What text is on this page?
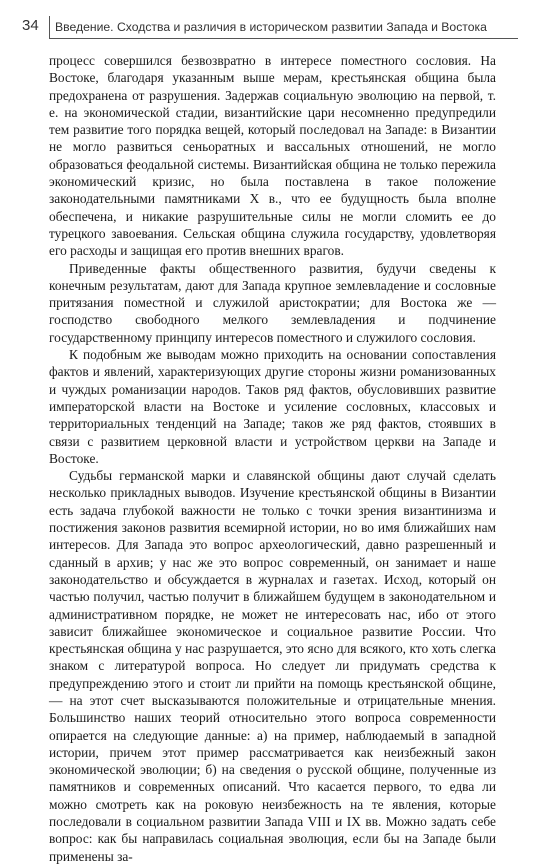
34 Введение. Сходства и различия в историческом развитии Запада и Востока

процесс совершился безвозвратно в интересе поместного сословия. На Востоке, благодаря указанным выше мерам, крестьянская община была предохранена от разрушения. Задержав социальную эволюцию на первой, т. е. на экономической стадии, византийские цари несомненно предупредили тем развитие того порядка вещей, который последовал на Западе: в Византии не могло развиться сеньоратных и вассальных отношений, не могло образоваться феодальной системы. Византийская община не только пережила экономический кризис, но была поставлена в такое положение законодательными памятниками X в., что ее будущность была вполне обеспечена, и никакие разрушительные силы не могли сломить ее до турецкого завоевания. Сельская община служила государству, удовлетворяя его расходы и защищая его против внешних врагов.

Приведенные факты общественного развития, будучи сведены к конечным результатам, дают для Запада крупное землевладение и сословные притязания поместной и служилой аристократии; для Востока же — господство свободного мелкого землевладения и подчинение государственному принципу интересов поместного и служилого сословия.

К подобным же выводам можно приходить на основании сопоставления фактов и явлений, характеризующих другие стороны жизни романизованных и чуждых романизации народов. Таков ряд фактов, обусловивших развитие императорской власти на Востоке и усиление сословных, классовых и территориальных тенденций на Западе; таков же ряд фактов, стоявших в связи с развитием церковной власти и устройством церкви на Западе и Востоке.

Судьбы германской марки и славянской общины дают случай сделать несколько прикладных выводов. Изучение крестьянской общины в Византии есть задача глубокой важности не только с точки зрения византинизма и постижения законов развития всемирной истории, но во имя ближайших нам интересов. Для Запада это вопрос археологический, давно разрешенный и сданный в архив; у нас же это вопрос современный, он занимает и наше законодательство и обсуждается в журналах и газетах. Исход, который он частью получил, частью получит в ближайшем будущем в законодательном и административном порядке, не может не интересовать нас, ибо от этого зависит ближайшее экономическое и социальное развитие России. Что крестьянская община у нас разрушается, это ясно для всякого, кто хоть слегка знаком с литературой вопроса. Но следует ли придумать средства к предупреждению этого и стоит ли прийти на помощь крестьянской общине, — на этот счет высказываются положительные и отрицательные мнения. Большинство наших теорий относительно этого вопроса современности опирается на следующие данные: а) на пример, наблюдаемый в западной истории, причем этот пример рассматривается как неизбежный закон экономической эволюции; б) на сведения о русской общине, полученные из памятников и современных описаний. Что касается первого, то едва ли можно смотреть как на роковую неизбежность на те явления, которые последовали в социальном развитии Запада VIII и IX вв. Можно задать себе вопрос: как бы направилась социальная эволюция, если бы на Западе были применены за-
